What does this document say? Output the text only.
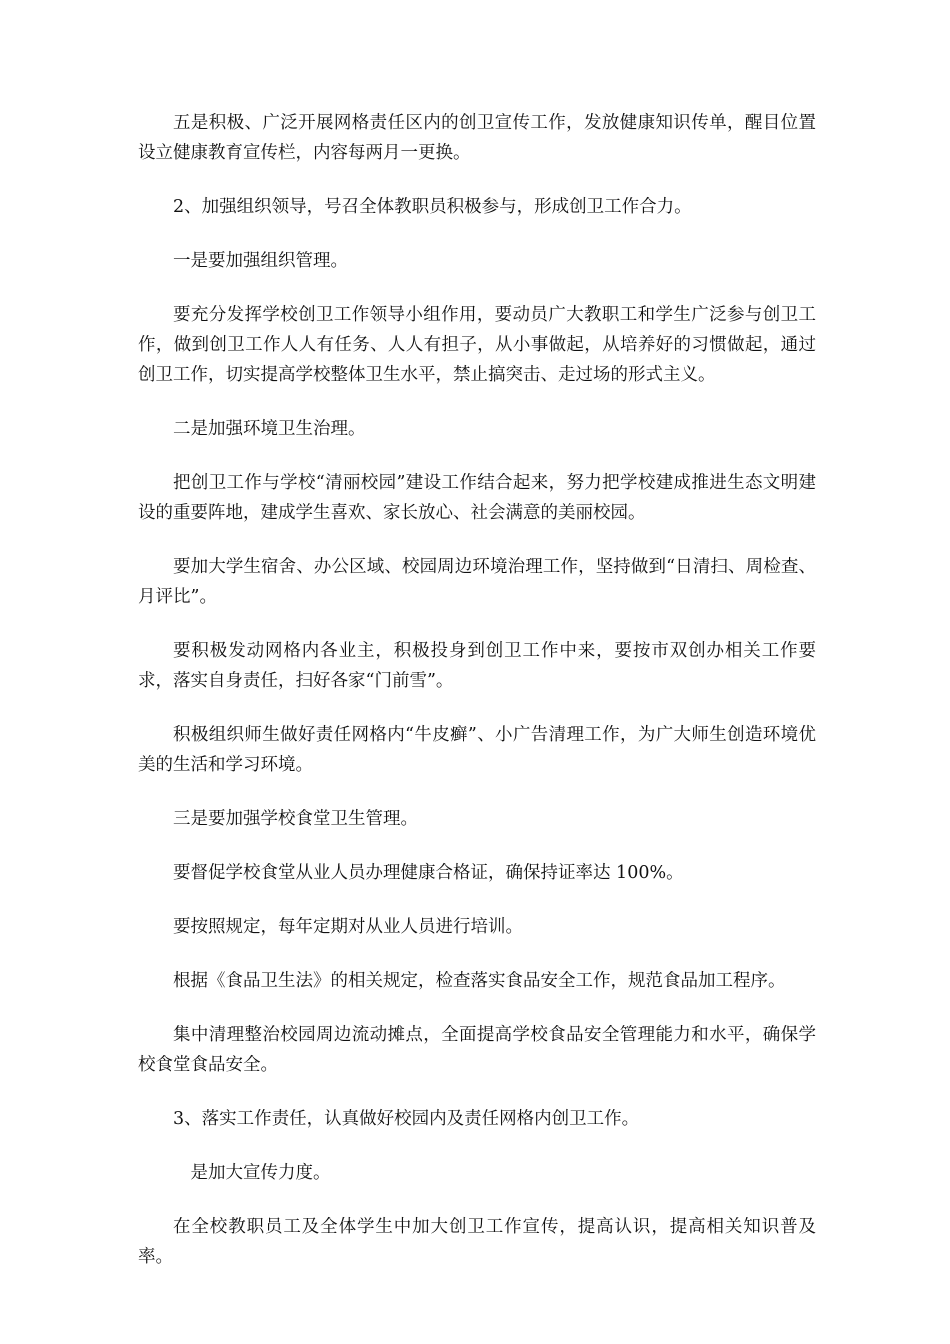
五是积极、广泛开展网格责任区内的创卫宣传工作，发放健康知识传单，醒目位置设立健康教育宣传栏，内容每两月一更换。

2、加强组织领导，号召全体教职员积极参与，形成创卫工作合力。

一是要加强组织管理。

要充分发挥学校创卫工作领导小组作用，要动员广大教职工和学生广泛参与创卫工作，做到创卫工作人人有任务、人人有担子，从小事做起，从培养好的习惯做起，通过创卫工作，切实提高学校整体卫生水平，禁止搞突击、走过场的形式主义。

二是加强环境卫生治理。

把创卫工作与学校“清丽校园”建设工作结合起来，努力把学校建成推进生态文明建设的重要阵地，建成学生喜欢、家长放心、社会满意的美丽校园。

要加大学生宿舍、办公区域、校园周边环境治理工作，坚持做到“日清扫、周检查、月评比”。

要积极发动网格内各业主，积极投身到创卫工作中来，要按市双创办相关工作要求，落实自身责任，扫好各家“门前雪”。

积极组织师生做好责任网格内“牛皮癣”、小广告清理工作，为广大师生创造环境优美的生活和学习环境。

三是要加强学校食堂卫生管理。

要督促学校食堂从业人员办理健康合格证，确保持证率达 100%。

要按照规定，每年定期对从业人员进行培训。

根据《食品卫生法》的相关规定，检查落实食品安全工作，规范食品加工程序。

集中清理整治校园周边流动摊点，全面提高学校食品安全管理能力和水平，确保学校食堂食品安全。

3、落实工作责任，认真做好校园内及责任网格内创卫工作。

是加大宣传力度。

在全校教职员工及全体学生中加大创卫工作宣传，提高认识，提高相关知识普及率。
